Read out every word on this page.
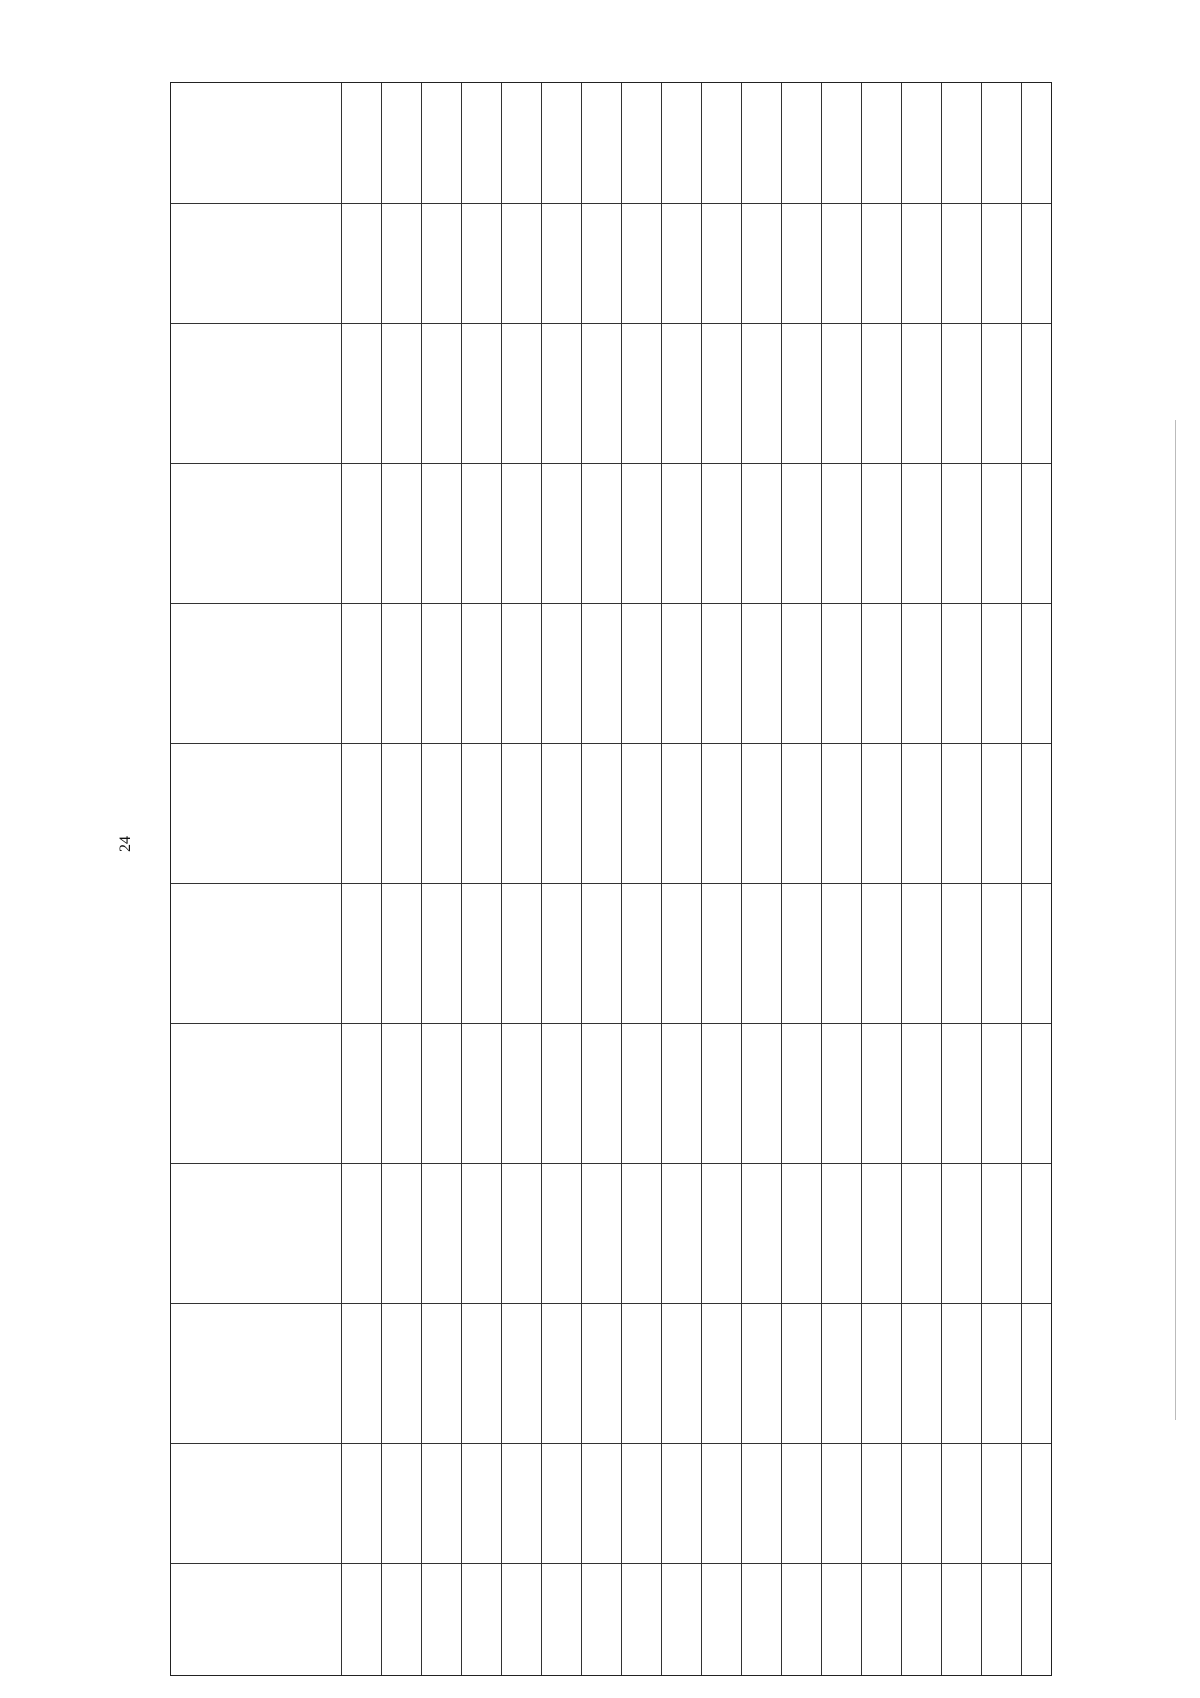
24
